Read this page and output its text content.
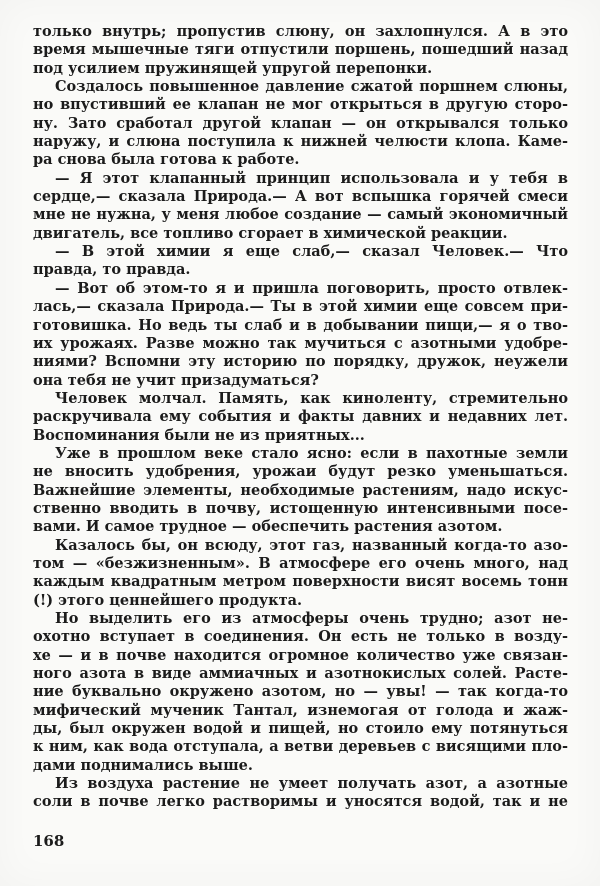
только внутрь; пропустив слюну, он захлопнулся. А в это
время мышечные тяги отпустили поршень, пошедший назад
под усилием пружинящей упругой перепонки.
Создалось повышенное давление сжатой поршнем слюны,
но впустивший ее клапан не мог открыться в другую сторо-
ну. Зато сработал другой клапан — он открывался только
наружу, и слюна поступила к нижней челюсти клопа. Каме-
ра снова была готова к работе.
— Я этот клапанный принцип использовала и у тебя в
сердце,— сказала Природа.— А вот вспышка горячей смеси
мне не нужна, у меня любое создание — самый экономичный
двигатель, все топливо сгорает в химической реакции.
— В этой химии я еще слаб,— сказал Человек.— Что
правда, то правда.
— Вот об этом-то я и пришла поговорить, просто отвлек-
лась,— сказала Природа.— Ты в этой химии еще совсем при-
готовишка. Но ведь ты слаб и в добывании пищи,— я о тво-
их урожаях. Разве можно так мучиться с азотными удобре-
ниями? Вспомни эту историю по порядку, дружок, неужели
она тебя не учит призадуматься?
Человек молчал. Память, как киноленту, стремительно
раскручивала ему события и факты давних и недавних лет.
Воспоминания были не из приятных...
Уже в прошлом веке стало ясно: если в пахотные земли
не вносить удобрения, урожаи будут резко уменьшаться.
Важнейшие элементы, необходимые растениям, надо искус-
ственно вводить в почву, истощенную интенсивными посе-
вами. И самое трудное — обеспечить растения азотом.
Казалось бы, он всюду, этот газ, названный когда-то азо-
том — «безжизненным». В атмосфере его очень много, над
каждым квадратным метром поверхности висят восемь тонн
(!) этого ценнейшего продукта.
Но выделить его из атмосферы очень трудно; азот не-
охотно вступает в соединения. Он есть не только в возду-
хе — и в почве находится огромное количество уже связан-
ного азота в виде аммиачных и азотнокислых солей. Расте-
ние буквально окружено азотом, но — увы! — так когда-то
мифический мученик Тантал, изнемогая от голода и жаж-
ды, был окружен водой и пищей, но стоило ему потянуться
к ним, как вода отступала, а ветви деревьев с висящими пло-
дами поднимались выше.
Из воздуха растение не умеет получать азот, а азотные
соли в почве легко растворимы и уносятся водой, так и не
168
